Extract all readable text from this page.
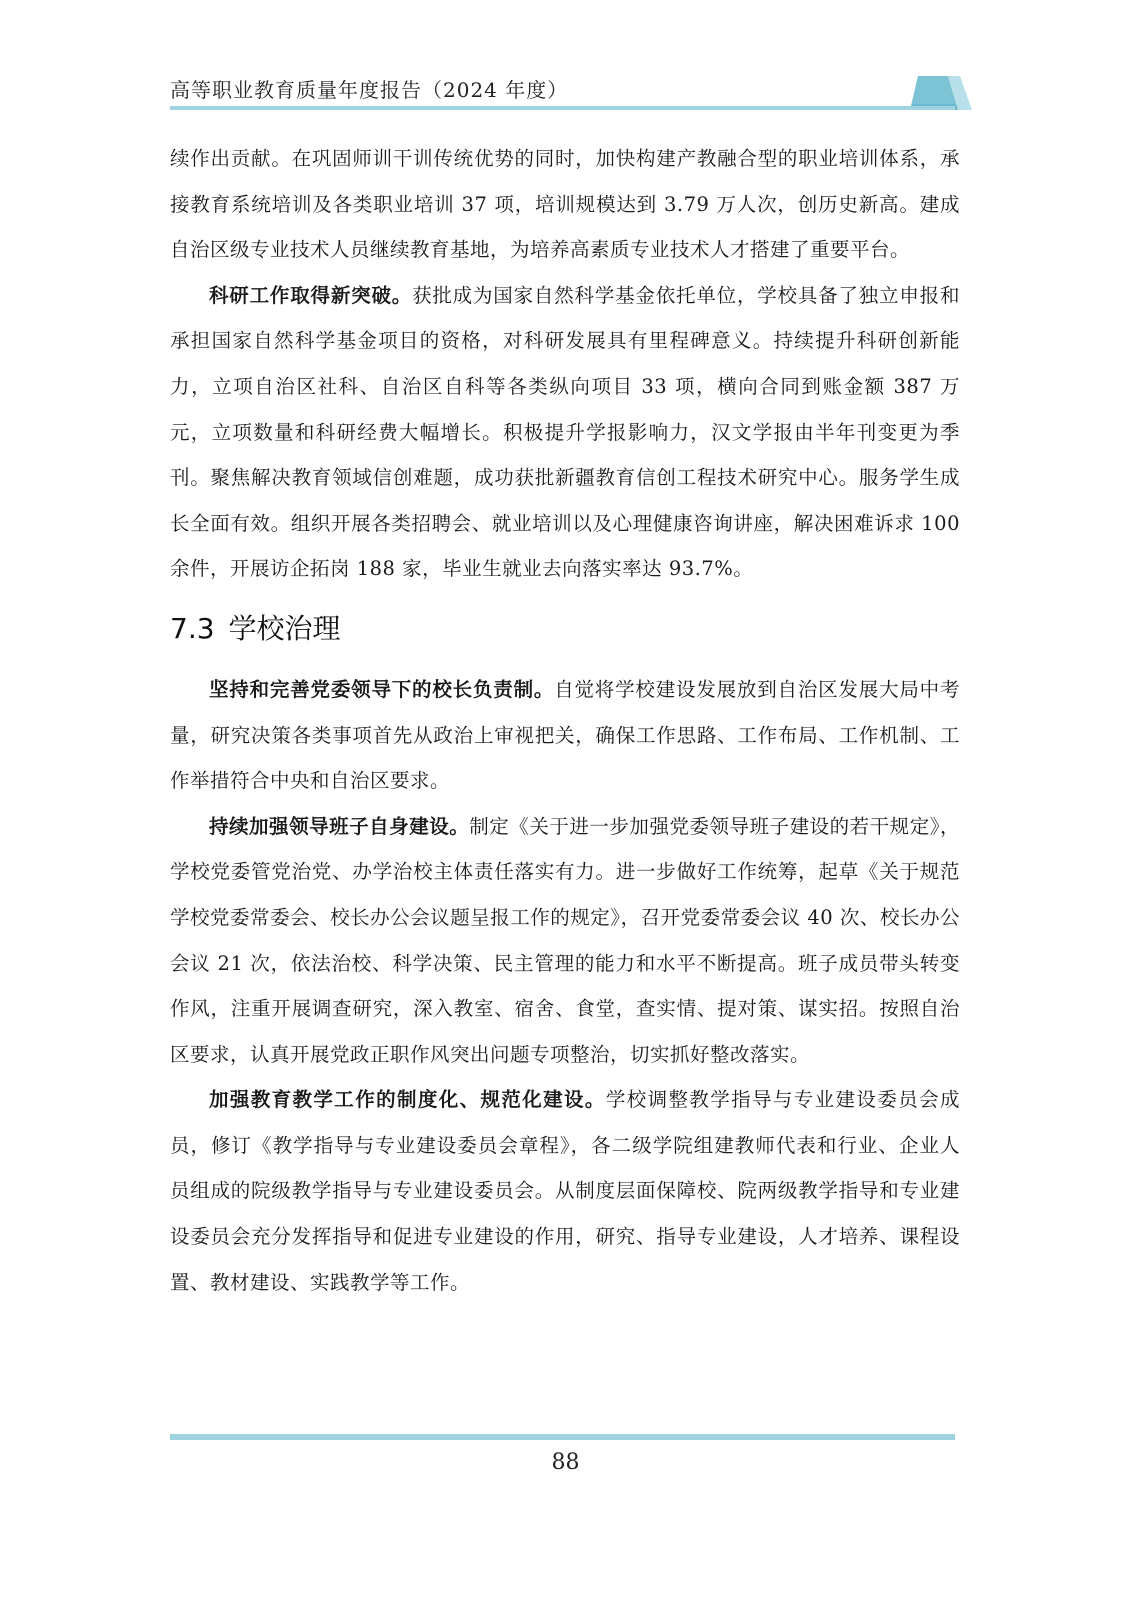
高等职业教育质量年度报告（2024 年度）

续作出贡献。在巩固师训干训传统优势的同时，加快构建产教融合型的职业培训体系，承接教育系统培训及各类职业培训 37 项，培训规模达到 3.79 万人次，创历史新高。建成自治区级专业技术人员继续教育基地，为培养高素质专业技术人才搭建了重要平台。

科研工作取得新突破。获批成为国家自然科学基金依托单位，学校具备了独立申报和承担国家自然科学基金项目的资格，对科研发展具有里程碑意义。持续提升科研创新能力，立项自治区社科、自治区自科等各类纵向项目 33 项，横向合同到账金额 387 万元，立项数量和科研经费大幅增长。积极提升学报影响力，汉文学报由半年刊变更为季刊。聚焦解决教育领域信创难题，成功获批新疆教育信创工程技术研究中心。服务学生成长全面有效。组织开展各类招聘会、就业培训以及心理健康咨询讲座，解决困难诉求 100 余件，开展访企拓岗 188 家，毕业生就业去向落实率达 93.7%。

7.3 学校治理

坚持和完善党委领导下的校长负责制。自觉将学校建设发展放到自治区发展大局中考量，研究决策各类事项首先从政治上审视把关，确保工作思路、工作布局、工作机制、工作举措符合中央和自治区要求。

持续加强领导班子自身建设。制定《关于进一步加强党委领导班子建设的若干规定》，学校党委管党治党、办学治校主体责任落实有力。进一步做好工作统筹，起草《关于规范学校党委常委会、校长办公会议题呈报工作的规定》，召开党委常委会议 40 次、校长办公会议 21 次，依法治校、科学决策、民主管理的能力和水平不断提高。班子成员带头转变作风，注重开展调查研究，深入教室、宿舍、食堂，查实情、提对策、谋实招。按照自治区要求，认真开展党政正职作风突出问题专项整治，切实抓好整改落实。

加强教育教学工作的制度化、规范化建设。学校调整教学指导与专业建设委员会成员，修订《教学指导与专业建设委员会章程》，各二级学院组建教师代表和行业、企业人员组成的院级教学指导与专业建设委员会。从制度层面保障校、院两级教学指导和专业建设委员会充分发挥指导和促进专业建设的作用，研究、指导专业建设，人才培养、课程设置、教材建设、实践教学等工作。

88
